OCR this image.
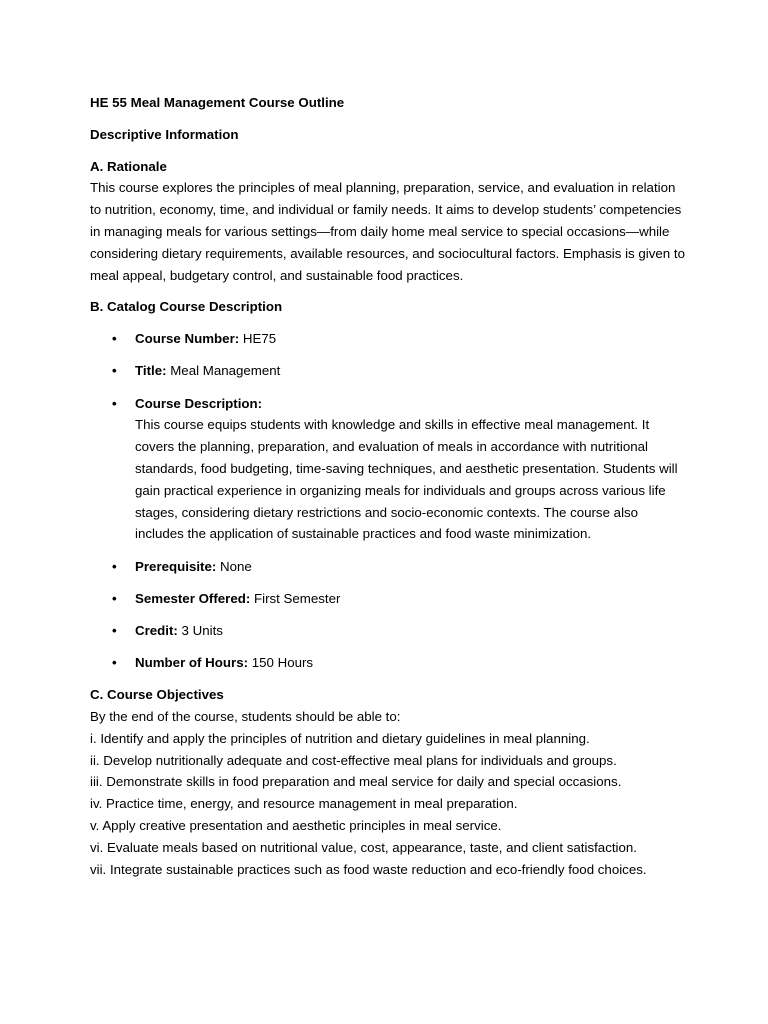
HE 55 Meal Management Course Outline

Descriptive Information

A. Rationale
This course explores the principles of meal planning, preparation, service, and evaluation in relation to nutrition, economy, time, and individual or family needs. It aims to develop students’ competencies in managing meals for various settings—from daily home meal service to special occasions—while considering dietary requirements, available resources, and sociocultural factors. Emphasis is given to meal appeal, budgetary control, and sustainable food practices.

B. Catalog Course Description

• Course Number: HE75
• Title: Meal Management
• Course Description:
This course equips students with knowledge and skills in effective meal management. It covers the planning, preparation, and evaluation of meals in accordance with nutritional standards, food budgeting, time-saving techniques, and aesthetic presentation. Students will gain practical experience in organizing meals for individuals and groups across various life stages, considering dietary restrictions and socio-economic contexts. The course also includes the application of sustainable practices and food waste minimization.
• Prerequisite: None
• Semester Offered: First Semester
• Credit: 3 Units
• Number of Hours: 150 Hours
C. Course Objectives
By the end of the course, students should be able to:
i. Identify and apply the principles of nutrition and dietary guidelines in meal planning.
ii. Develop nutritionally adequate and cost-effective meal plans for individuals and groups.
iii. Demonstrate skills in food preparation and meal service for daily and special occasions.
iv. Practice time, energy, and resource management in meal preparation.
v. Apply creative presentation and aesthetic principles in meal service.
vi. Evaluate meals based on nutritional value, cost, appearance, taste, and client satisfaction.
vii. Integrate sustainable practices such as food waste reduction and eco-friendly food choices.
